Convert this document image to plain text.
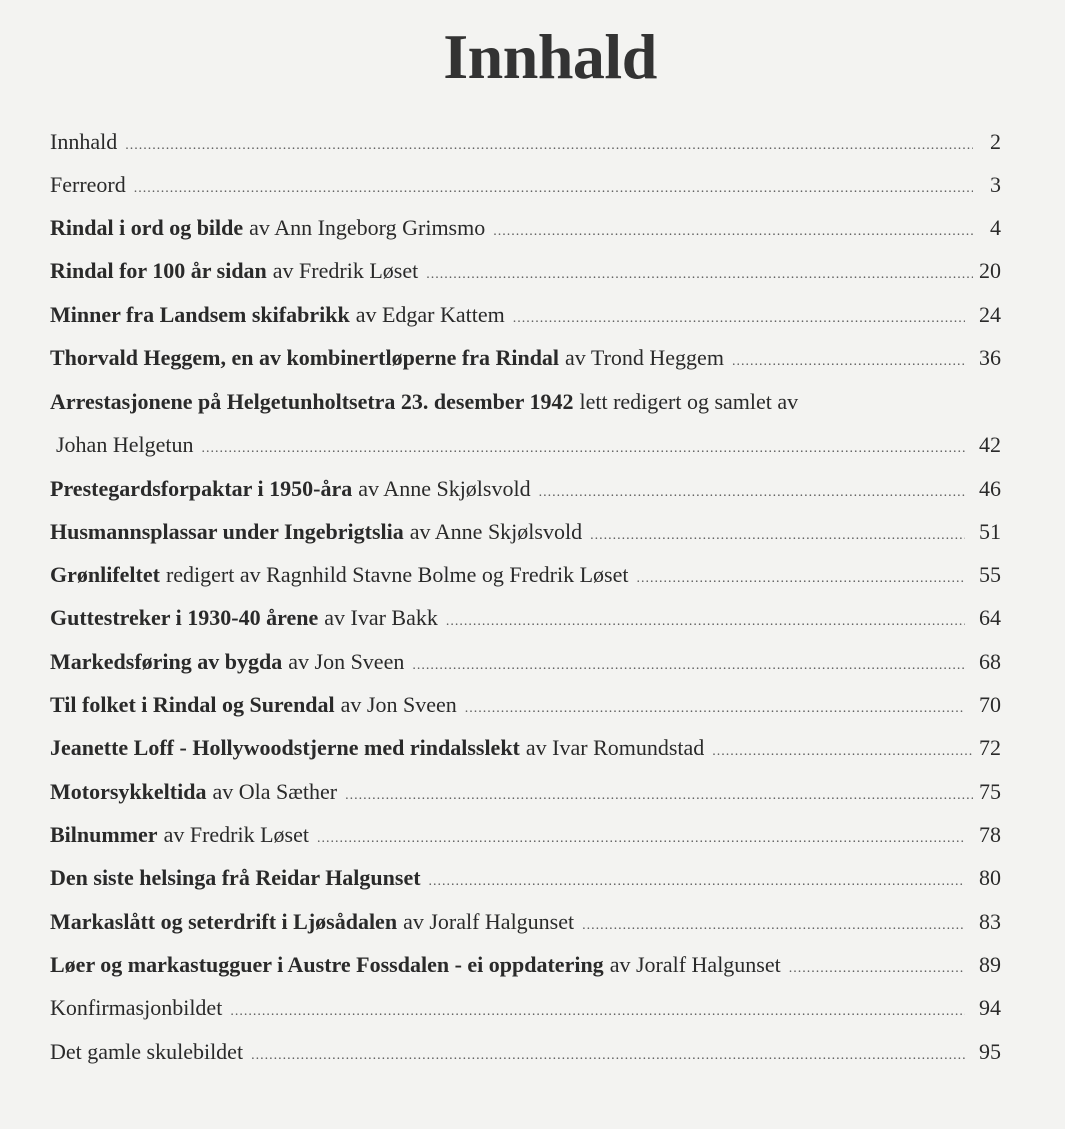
Innhald
Innhald .....	2
Ferreord .....	3
Rindal i ord og bilde av Ann Ingeborg Grimsmo .....	4
Rindal for 100 år sidan av Fredrik Løset .....	20
Minner fra Landsem skifabrikk av Edgar Kattem .....	24
Thorvald Heggem, en av kombinertløperne fra Rindal av Trond Heggem .....	36
Arrestasjonene på Helgetunholtsetra 23. desember 1942 lett redigert og samlet av
Johan Helgetun .....	42
Prestegardsforpaktar i 1950-åra av Anne Skjølsvold .....	46
Husmannsplassar under Ingebrigtslia av Anne Skjølsvold .....	51
Grønlifeltet redigert av Ragnhild Stavne Bolme og Fredrik Løset .....	55
Guttestreker i 1930-40 årene av Ivar Bakk .....	64
Markedsføring av bygda av Jon Sveen .....	68
Til folket i Rindal og Surendal av Jon Sveen .....	70
Jeanette Loff - Hollywoodstjerne med rindalsslekt av Ivar Romundstad .....	72
Motorsykkeltida av Ola Sæther .....	75
Bilnummer av Fredrik Løset .....	78
Den siste helsinga frå Reidar Halgunset .....	80
Markaslått og seterdrift i Ljøsådalen av Joralf Halgunset .....	83
Løer og markastugguer i Austre Fossdalen - ei oppdatering av Joralf Halgunset .....	89
Konfirmasjonbildet .....	94
Det gamle skulebildet .....	95
